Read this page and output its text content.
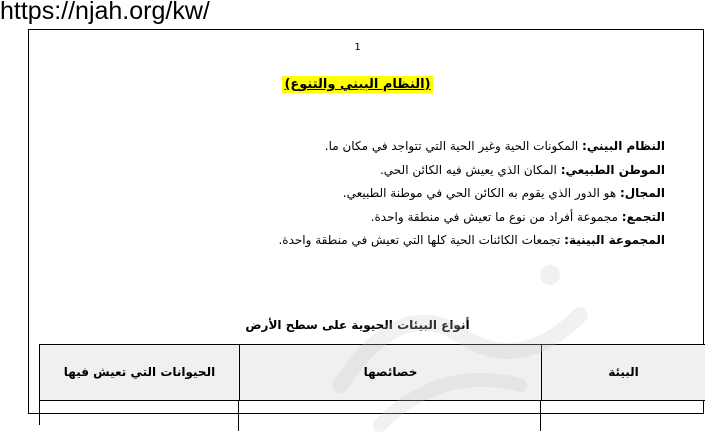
https://njah.org/kw/
1
(النظام البيني والتنوع)
النظام البيني: المكونات الحية وغير الحية التي تتواجد في مكان ما.
الموطن الطبيعي: المكان الذي يعيش فيه الكائن الحي.
المجال: هو الدور الذي يقوم به الكائن الحي في موطنة الطبيعي.
التجمع: مجموعة أفراد من نوع ما تعيش في منطقة واحدة.
المجموعة البينية: تجمعات الكائنات الحية كلها التي تعيش في منطقة واحدة.
أنواع البيئات الحيوية على سطح الأرض
البيئة
خصائصها
الحيوانات التي تعيش فيها
